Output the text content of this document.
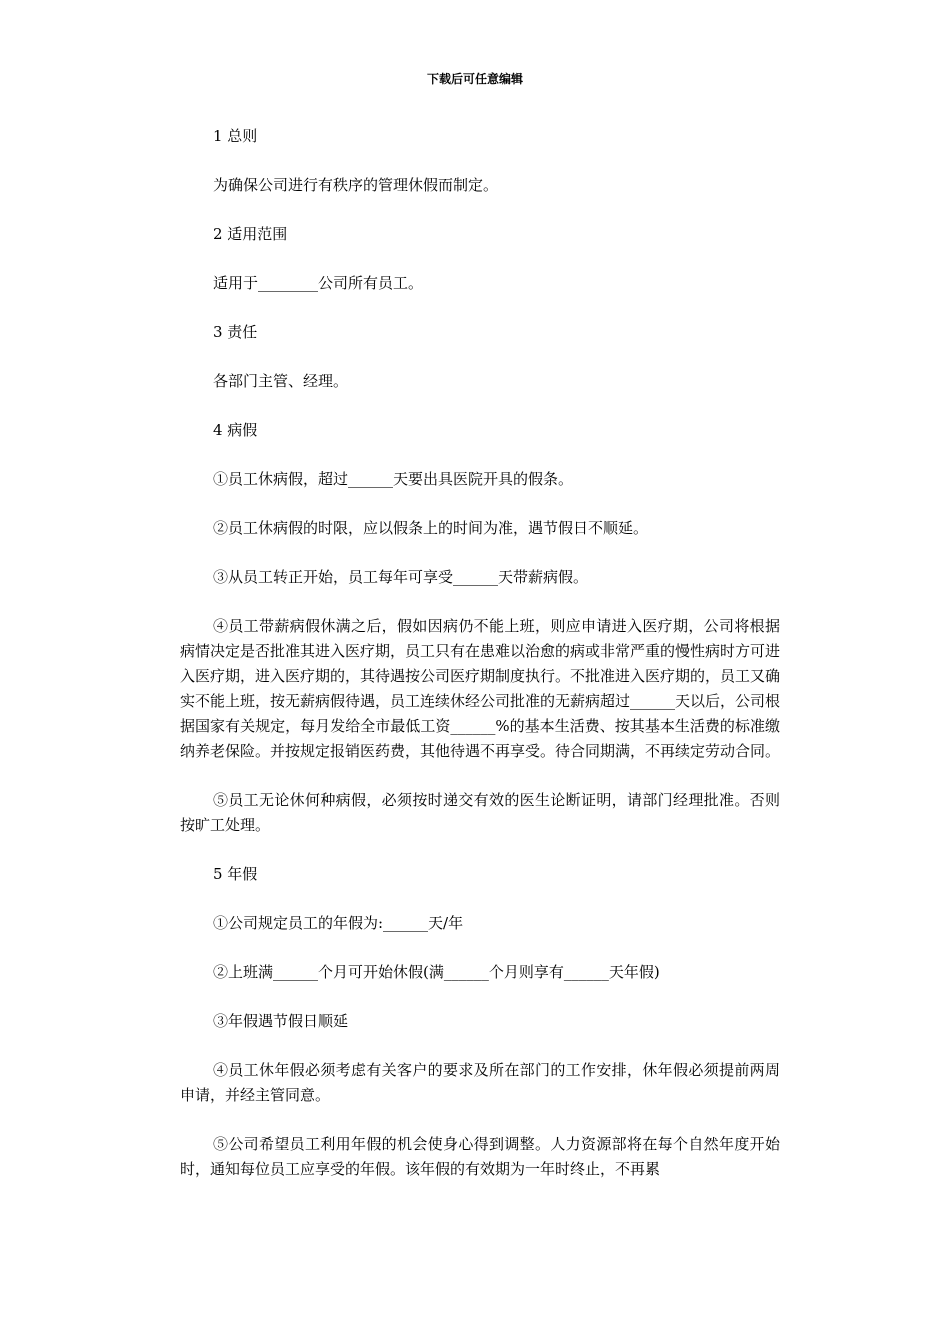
下载后可任意编辑

1 总则

为确保公司进行有秩序的管理休假而制定。

2 适用范围

适用于________公司所有员工。

3 责任

各部门主管、经理。

4 病假

①员工休病假，超过______天要出具医院开具的假条。

②员工休病假的时限，应以假条上的时间为准，遇节假日不顺延。

③从员工转正开始，员工每年可享受______天带薪病假。

④员工带薪病假休满之后，假如因病仍不能上班，则应申请进入医疗期，公司将根据病情决定是否批准其进入医疗期，员工只有在患难以治愈的病或非常严重的慢性病时方可进入医疗期，进入医疗期的，其待遇按公司医疗期制度执行。不批准进入医疗期的，员工又确实不能上班，按无薪病假待遇，员工连续休经公司批准的无薪病超过______天以后，公司根据国家有关规定，每月发给全市最低工资______%的基本生活费、按其基本生活费的标准缴纳养老保险。并按规定报销医药费，其他待遇不再享受。待合同期满，不再续定劳动合同。

⑤员工无论休何种病假，必须按时递交有效的医生论断证明，请部门经理批准。否则按旷工处理。

5 年假

①公司规定员工的年假为:______天/年

②上班满______个月可开始休假(满______个月则享有______天年假)

③年假遇节假日顺延

④员工休年假必须考虑有关客户的要求及所在部门的工作安排，休年假必须提前两周申请，并经主管同意。

⑤公司希望员工利用年假的机会使身心得到调整。人力资源部将在每个自然年度开始时，通知每位员工应享受的年假。该年假的有效期为一年时终止，不再累
